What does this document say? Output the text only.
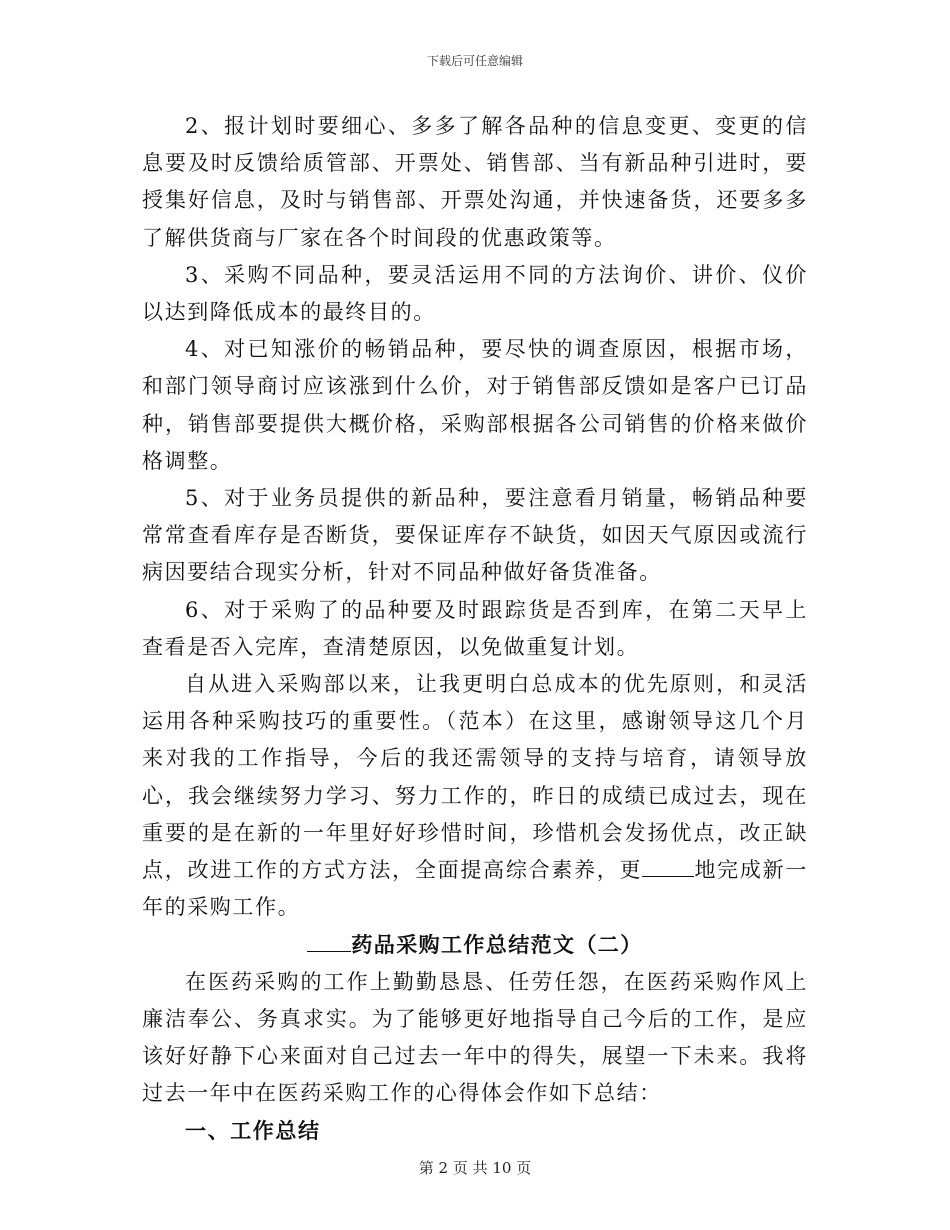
下载后可任意编辑

2、报计划时要细心、多多了解各品种的信息变更、变更的信息要及时反馈给质管部、开票处、销售部、当有新品种引进时，要授集好信息，及时与销售部、开票处沟通，并快速备货，还要多多了解供货商与厂家在各个时间段的优惠政策等。

3、采购不同品种，要灵活运用不同的方法询价、讲价、仪价以达到降低成本的最终目的。

4、对已知涨价的畅销品种，要尽快的调查原因，根据市场，和部门领导商讨应该涨到什么价，对于销售部反馈如是客户已订品种，销售部要提供大概价格，采购部根据各公司销售的价格来做价格调整。

5、对于业务员提供的新品种，要注意看月销量，畅销品种要常常查看库存是否断货，要保证库存不缺货，如因天气原因或流行病因要结合现实分析，针对不同品种做好备货准备。

6、对于采购了的品种要及时跟踪货是否到库，在第二天早上查看是否入完库，查清楚原因，以免做重复计划。

自从进入采购部以来，让我更明白总成本的优先原则，和灵活运用各种采购技巧的重要性。（范本）在这里，感谢领导这几个月来对我的工作指导，今后的我还需领导的支持与培育，请领导放心，我会继续努力学习、努力工作的，昨日的成绩已成过去，现在重要的是在新的一年里好好珍惜时间，珍惜机会发扬优点，改正缺点，改进工作的方式方法，全面提高综合素养，更 地完成新一年的采购工作。

药品采购工作总结范文（二）

在医药采购的工作上勤勤恳恳、任劳任怨，在医药采购作风上廉洁奉公、务真求实。为了能够更好地指导自己今后的工作，是应该好好静下心来面对自己过去一年中的得失，展望一下未来。我将过去一年中在医药采购工作的心得体会作如下总结：

一、工作总结

第 2 页 共 10 页
